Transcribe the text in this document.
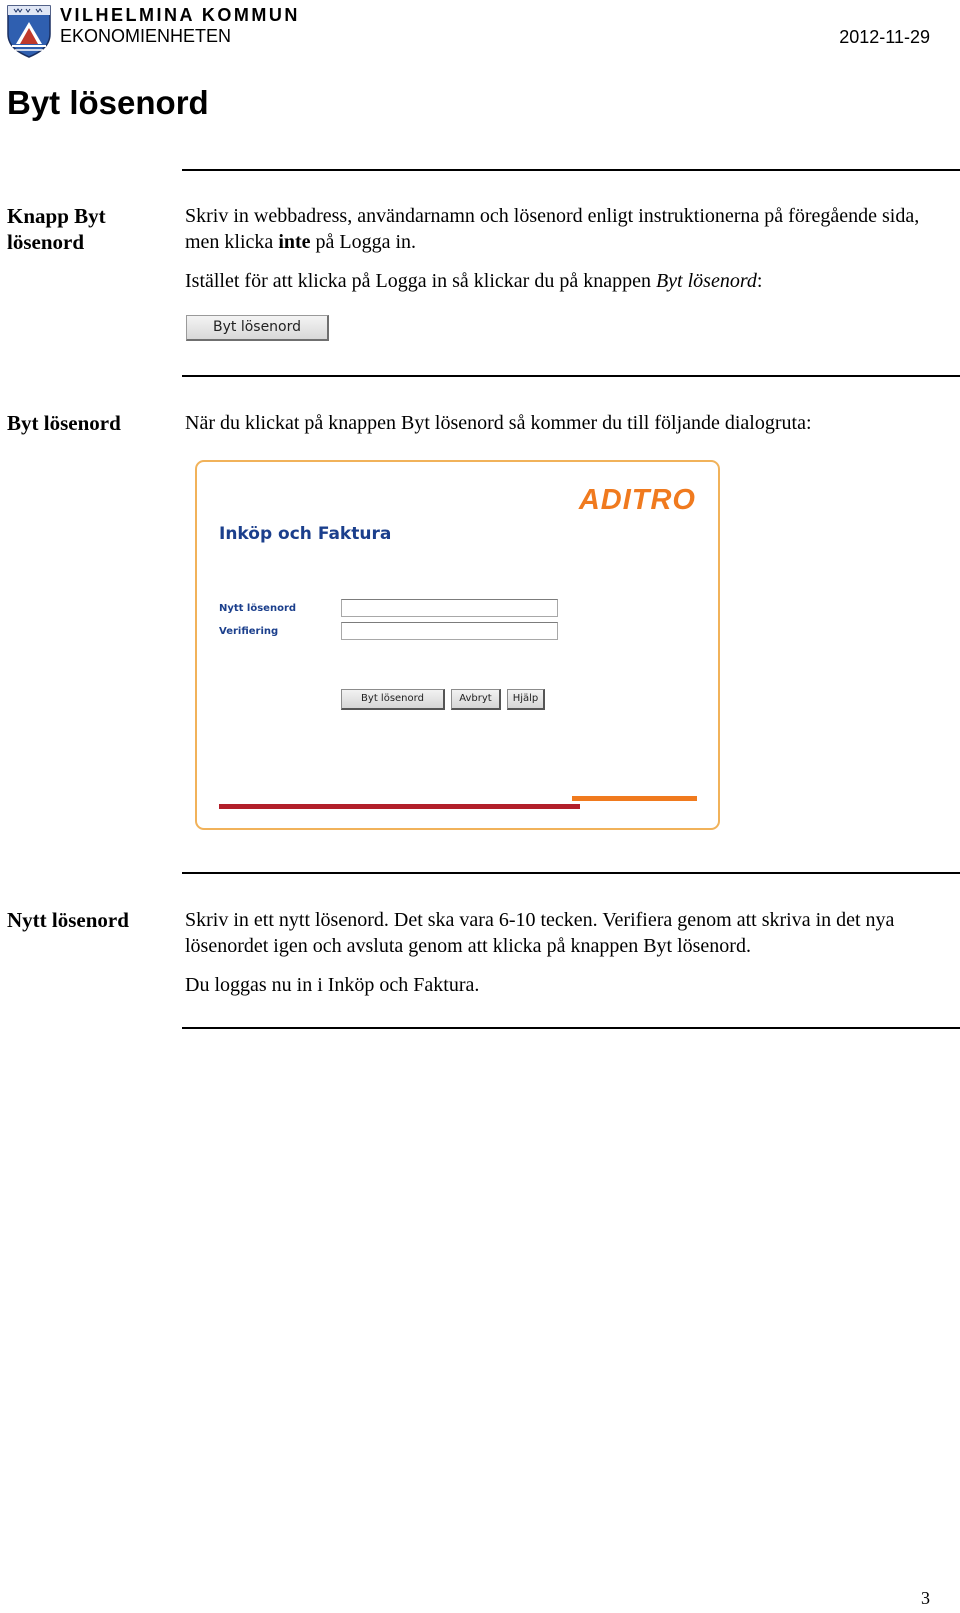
VILHELMINA KOMMUN
EKONOMIENHETEN	2012-11-29
Byt lösenord
Knapp Byt lösenord
Skriv in webbadress, användarnamn och lösenord enligt instruktionerna på föregående sida, men klicka inte på Logga in.
Istället för att klicka på Logga in så klickar du på knappen Byt lösenord:
Byt lösenord
Byt lösenord	När du klickat på knappen Byt lösenord så kommer du till följande dialogruta:
ADITRO
Inköp och Faktura
Nytt lösenord
Verifiering
Byt lösenord	Avbryt	Hjälp
Nytt lösenord	Skriv in ett nytt lösenord. Det ska vara 6-10 tecken. Verifiera genom att skriva in det nya lösenordet igen och avsluta genom att klicka på knappen Byt lösenord.
Du loggas nu in i Inköp och Faktura.
3
